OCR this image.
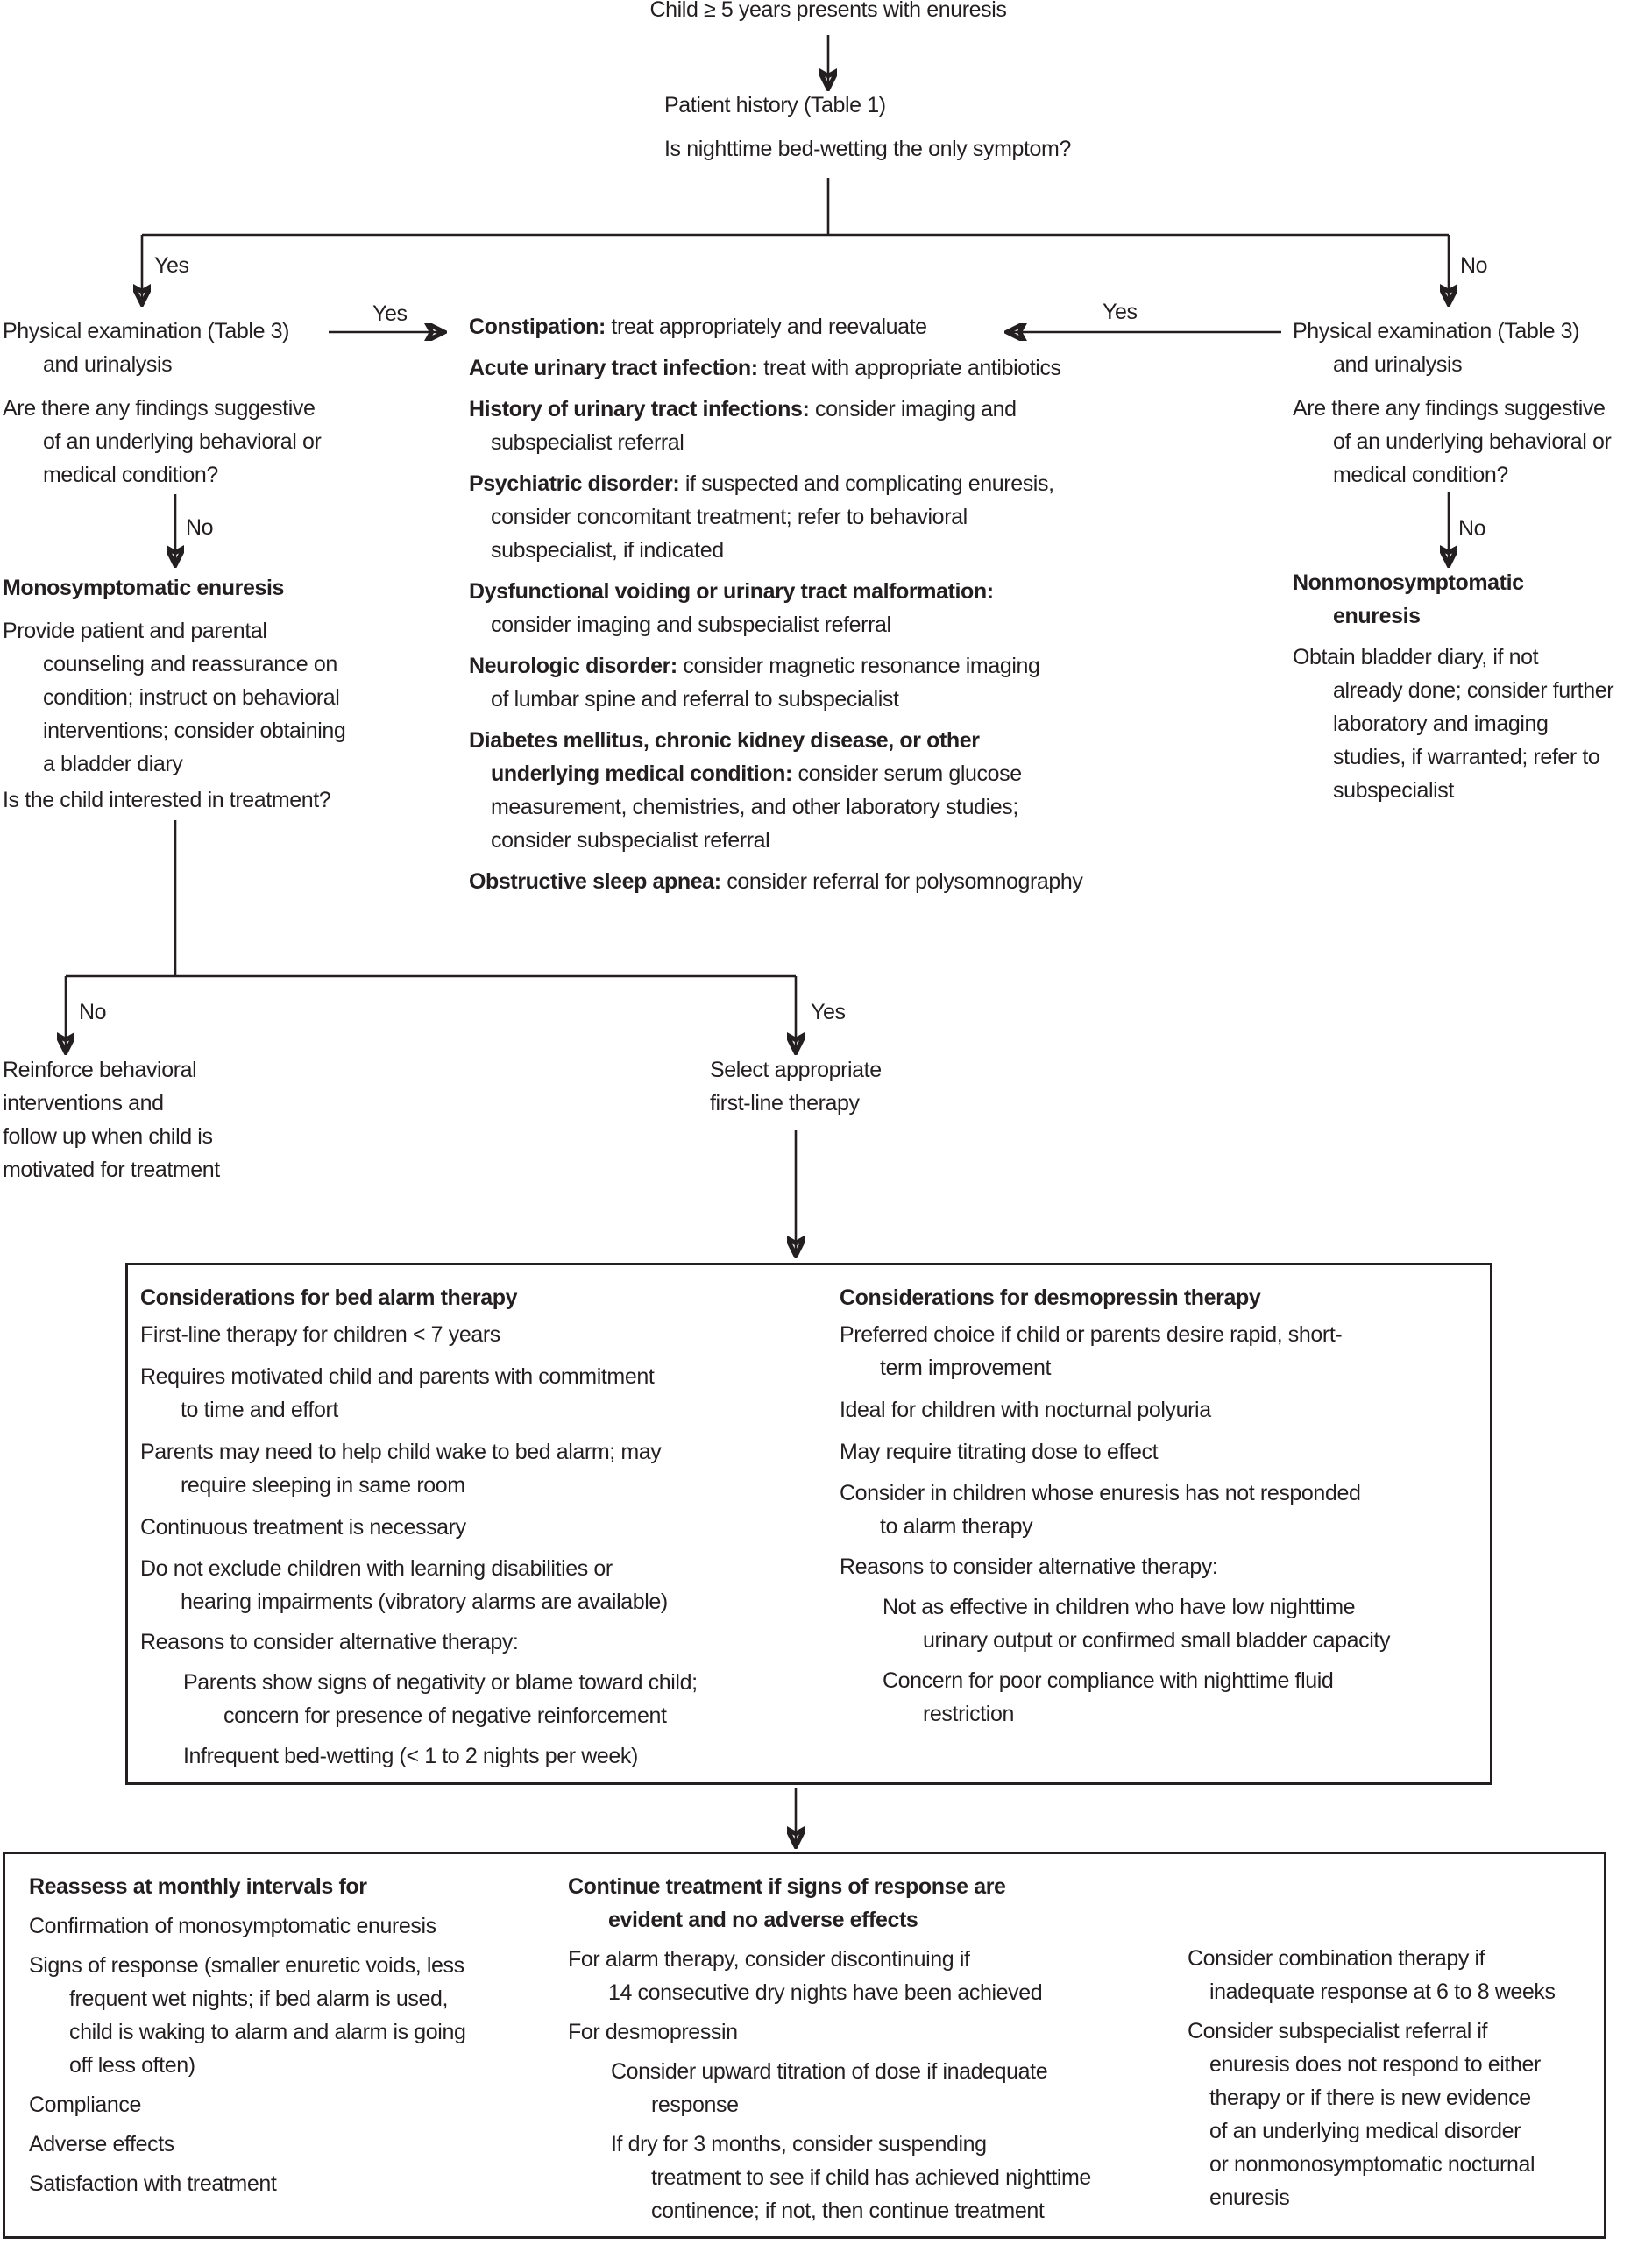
Child ≥ 5 years presents with enuresis
Patient history (Table 1)
Is nighttime bed-wetting the only symptom?
Yes	No
Physical examination (Table 3)
and urinalysis
Are there any findings suggestive
of an underlying behavioral or
medical condition?
No
Yes
Monosymptomatic enuresis
Provide patient and parental
counseling and reassurance on
condition; instruct on behavioral
interventions; consider obtaining
a bladder diary
Is the child interested in treatment?
Constipation: treat appropriately and reevaluate
Acute urinary tract infection: treat with appropriate antibiotics
History of urinary tract infections: consider imaging and
subspecialist referral
Psychiatric disorder: if suspected and complicating enuresis,
consider concomitant treatment; refer to behavioral
subspecialist, if indicated
Dysfunctional voiding or urinary tract malformation:
consider imaging and subspecialist referral
Neurologic disorder: consider magnetic resonance imaging
of lumbar spine and referral to subspecialist
Diabetes mellitus, chronic kidney disease, or other
underlying medical condition: consider serum glucose
measurement, chemistries, and other laboratory studies;
consider subspecialist referral
Obstructive sleep apnea: consider referral for polysomnography
Yes
Physical examination (Table 3)
and urinalysis
Are there any findings suggestive
of an underlying behavioral or
medical condition?
No
Nonmonosymptomatic
enuresis
Obtain bladder diary, if not
already done; consider further
laboratory and imaging
studies, if warranted; refer to
subspecialist
No	Yes
Reinforce behavioral
interventions and
follow up when child is
motivated for treatment
Select appropriate
first-line therapy
Considerations for bed alarm therapy
First-line therapy for children < 7 years
Requires motivated child and parents with commitment
to time and effort
Parents may need to help child wake to bed alarm; may
require sleeping in same room
Continuous treatment is necessary
Do not exclude children with learning disabilities or
hearing impairments (vibratory alarms are available)
Reasons to consider alternative therapy:
Parents show signs of negativity or blame toward child;
concern for presence of negative reinforcement
Infrequent bed-wetting (< 1 to 2 nights per week)
Considerations for desmopressin therapy
Preferred choice if child or parents desire rapid, short-
term improvement
Ideal for children with nocturnal polyuria
May require titrating dose to effect
Consider in children whose enuresis has not responded
to alarm therapy
Reasons to consider alternative therapy:
Not as effective in children who have low nighttime
urinary output or confirmed small bladder capacity
Concern for poor compliance with nighttime fluid
restriction
Reassess at monthly intervals for
Confirmation of monosymptomatic enuresis
Signs of response (smaller enuretic voids, less
frequent wet nights; if bed alarm is used,
child is waking to alarm and alarm is going
off less often)
Compliance
Adverse effects
Satisfaction with treatment
Continue treatment if signs of response are
evident and no adverse effects
For alarm therapy, consider discontinuing if
14 consecutive dry nights have been achieved
For desmopressin
Consider upward titration of dose if inadequate
response
If dry for 3 months, consider suspending
treatment to see if child has achieved nighttime
continence; if not, then continue treatment
Consider combination therapy if
inadequate response at 6 to 8 weeks
Consider subspecialist referral if
enuresis does not respond to either
therapy or if there is new evidence
of an underlying medical disorder
or nonmonosymptomatic nocturnal
enuresis
